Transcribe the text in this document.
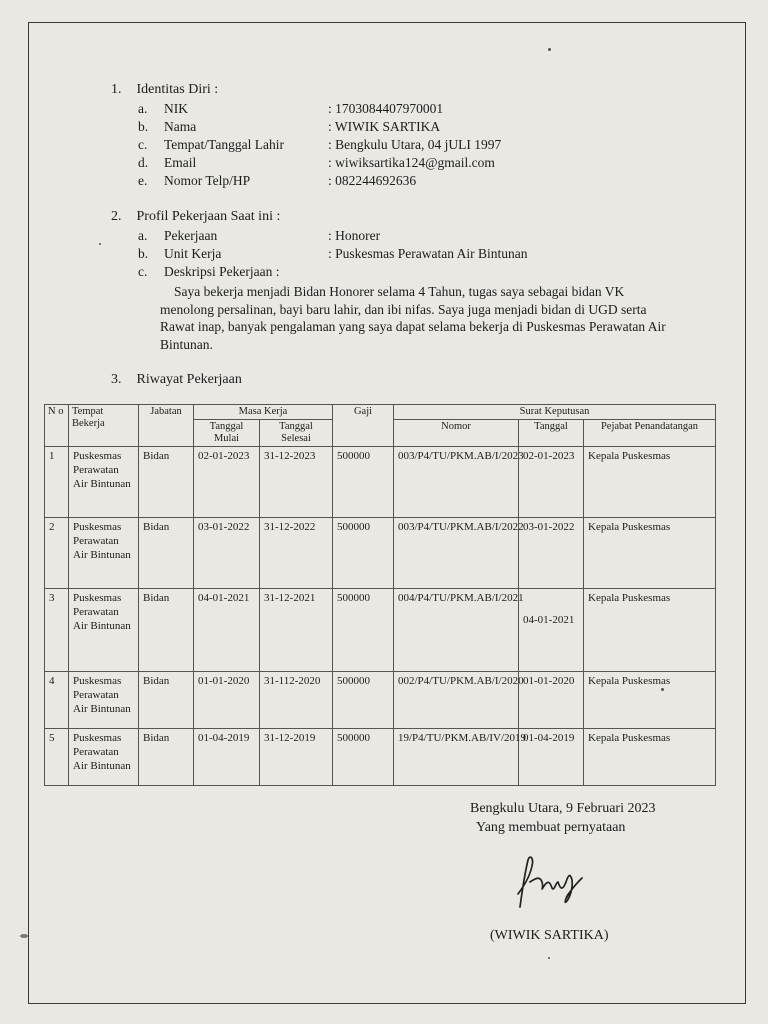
1. Identitas Diri :
a. NIK	: 1703084407970001
b. Nama	: WIWIK SARTIKA
c. Tempat/Tanggal Lahir	: Bengkulu Utara, 04 jULI 1997
d. Email	: wiwiksartika124@gmail.com
e. Nomor Telp/HP	: 082244692636
2. Profil Pekerjaan Saat ini :
a. Pekerjaan	: Honorer
b. Unit Kerja	: Puskesmas Perawatan Air Bintunan
c. Deskripsi Pekerjaan :
Saya bekerja menjadi Bidan Honorer selama 4 Tahun, tugas saya sebagai bidan VK menolong persalinan, bayi baru lahir, dan ibi nifas. Saya juga menjadi bidan di UGD serta Rawat inap, banyak pengalaman yang saya dapat selama bekerja di Puskesmas Perawatan Air Bintunan.
3. Riwayat Pekerjaan
N o	Tempat Bekerja	Jabatan	Masa Kerja		Gaji	Surat Keputusan		
			Tanggal Mulai	Tanggal Selesai		Nomor	Tanggal	Pejabat Penandatangan
1	Puskesmas Perawatan Air Bintunan	Bidan	02-01-2023	31-12-2023	500000	003/P4/TU/PKM.AB/I/2023	02-01-2023	Kepala Puskesmas
2	Puskesmas Perawatan Air Bintunan	Bidan	03-01-2022	31-12-2022	500000	003/P4/TU/PKM.AB/I/2022	03-01-2022	Kepala Puskesmas
3	Puskesmas Perawatan Air Bintunan	Bidan	04-01-2021	31-12-2021	500000	004/P4/TU/PKM.AB/I/2021	04-01-2021	Kepala Puskesmas
4	Puskesmas Perawatan Air Bintunan	Bidan	01-01-2020	31-112-2020	500000	002/P4/TU/PKM.AB/I/2020	01-01-2020	Kepala Puskesmas
5	Puskesmas Perawatan Air Bintunan	Bidan	01-04-2019	31-12-2019	500000	19/P4/TU/PKM.AB/IV/2019	01-04-2019	Kepala Puskesmas
Bengkulu Utara, 9 Februari 2023
Yang membuat pernyataan
(WIWIK SARTIKA)
